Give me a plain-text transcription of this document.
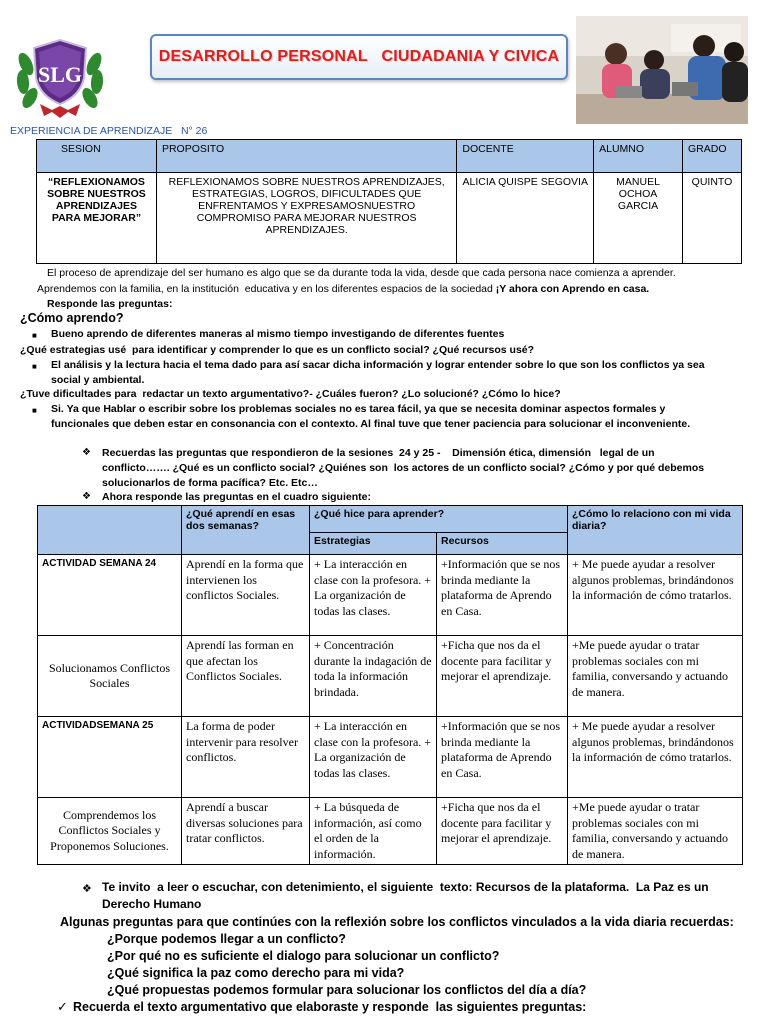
SLG
DESARROLLO PERSONAL   CIUDADANIA Y CIVICA
EXPERIENCIA DE APRENDIZAJE   N° 26
SESION	PROPOSITO	DOCENTE	ALUMNO	GRADO
“REFLEXIONAMOS SOBRE NUESTROS APRENDIZAJES PARA MEJORAR”	REFLEXIONAMOS SOBRE NUESTROS APRENDIZAJES, ESTRATEGIAS, LOGROS, DIFICULTADES QUE ENFRENTAMOS Y EXPRESAMOSNUESTRO COMPROMISO PARA MEJORAR NUESTROS APRENDIZAJES.	ALICIA QUISPE SEGOVIA	MANUEL OCHOA GARCIA	QUINTO
El proceso de aprendizaje del ser humano es algo que se da durante toda la vida, desde que cada persona nace comienza a aprender.
Aprendemos con la familia, en la institución  educativa y en los diferentes espacios de la sociedad ¡Y ahora con Aprendo en casa.
Responde las preguntas:
¿Cómo aprendo?
■ Bueno aprendo de diferentes maneras al mismo tiempo investigando de diferentes fuentes
¿Qué estrategias usé  para identificar y comprender lo que es un conflicto social? ¿Qué recursos usé?
■ El análisis y la lectura hacia el tema dado para así sacar dicha información y lograr entender sobre lo que son los conflictos ya sea
social y ambiental.
¿Tuve dificultades para  redactar un texto argumentativo?- ¿Cuáles fueron? ¿Lo solucioné? ¿Cómo lo hice?
■ Si. Ya que Hablar o escribir sobre los problemas sociales no es tarea fácil, ya que se necesita dominar aspectos formales y
funcionales que deben estar en consonancia con el contexto. Al final tuve que tener paciencia para solucionar el inconveniente.
❖ Recuerdas las preguntas que respondieron de la sesiones  24 y 25 -    Dimensión ética, dimensión   legal de un
conflicto……. ¿Qué es un conflicto social? ¿Quiénes son  los actores de un conflicto social? ¿Cómo y por qué debemos
solucionarlos de forma pacífica? Etc. Etc…
❖ Ahora responde las preguntas en el cuadro siguiente:
	¿Qué aprendí en esas dos semanas?	¿Qué hice para aprender?		¿Cómo lo relaciono con mi vida diaria?
		Estrategias	Recursos	
ACTIVIDAD SEMANA 24	Aprendí en la forma que intervienen los conflictos Sociales.	+ La interacción en clase con la profesora. + La organización de todas las clases.	+Información que se nos brinda mediante la plataforma de Aprendo en Casa.	+ Me puede ayudar a resolver algunos problemas, brindándonos la información de cómo tratarlos.
Solucionamos Conflictos Sociales	Aprendí las forman en que afectan los Conflictos Sociales.	+ Concentración durante la indagación de toda la información brindada.	+Ficha que nos da el docente para facilitar y mejorar el aprendizaje.	+Me puede ayudar o tratar problemas sociales con mi familia, conversando y actuando de manera.
ACTIVIDADSEMANA 25	La forma de poder intervenir para resolver conflictos.	+ La interacción en clase con la profesora. + La organización de todas las clases.	+Información que se nos brinda mediante la plataforma de Aprendo en Casa.	+ Me puede ayudar a resolver algunos problemas, brindándonos la información de cómo tratarlos.
Comprendemos los Conflictos Sociales y Proponemos Soluciones.	Aprendí a buscar diversas soluciones para tratar conflictos.	+ La búsqueda de información, así como el orden de la información.	+Ficha que nos da el docente para facilitar y mejorar el aprendizaje.	+Me puede ayudar o tratar problemas sociales con mi familia, conversando y actuando de manera.
❖ Te invito  a leer o escuchar, con detenimiento, el siguiente  texto: Recursos de la plataforma.  La Paz es un
Derecho Humano
Algunas preguntas para que continúes con la reflexión sobre los conflictos vinculados a la vida diaria recuerdas:
¿Porque podemos llegar a un conflicto?
¿Por qué no es suficiente el dialogo para solucionar un conflicto?
¿Qué significa la paz como derecho para mi vida?
¿Qué propuestas podemos formular para solucionar los conflictos del día a día?
✓ Recuerda el texto argumentativo que elaboraste y responde  las siguientes preguntas:
